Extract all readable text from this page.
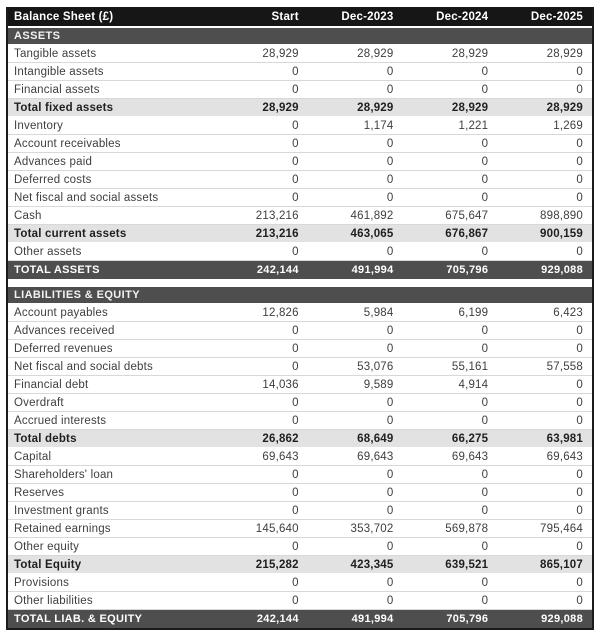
Balance Sheet (£)	Start	Dec-2023	Dec-2024	Dec-2025
ASSETS
Tangible assets	28,929	28,929	28,929	28,929
Intangible assets	0	0	0	0
Financial assets	0	0	0	0
Total fixed assets	28,929	28,929	28,929	28,929
Inventory	0	1,174	1,221	1,269
Account receivables	0	0	0	0
Advances paid	0	0	0	0
Deferred costs	0	0	0	0
Net fiscal and social assets	0	0	0	0
Cash	213,216	461,892	675,647	898,890
Total current assets	213,216	463,065	676,867	900,159
Other assets	0	0	0	0
TOTAL ASSETS	242,144	491,994	705,796	929,088
LIABILITIES & EQUITY
Account payables	12,826	5,984	6,199	6,423
Advances received	0	0	0	0
Deferred revenues	0	0	0	0
Net fiscal and social debts	0	53,076	55,161	57,558
Financial debt	14,036	9,589	4,914	0
Overdraft	0	0	0	0
Accrued interests	0	0	0	0
Total debts	26,862	68,649	66,275	63,981
Capital	69,643	69,643	69,643	69,643
Shareholders' loan	0	0	0	0
Reserves	0	0	0	0
Investment grants	0	0	0	0
Retained earnings	145,640	353,702	569,878	795,464
Other equity	0	0	0	0
Total Equity	215,282	423,345	639,521	865,107
Provisions	0	0	0	0
Other liabilities	0	0	0	0
TOTAL LIAB. & EQUITY	242,144	491,994	705,796	929,088
